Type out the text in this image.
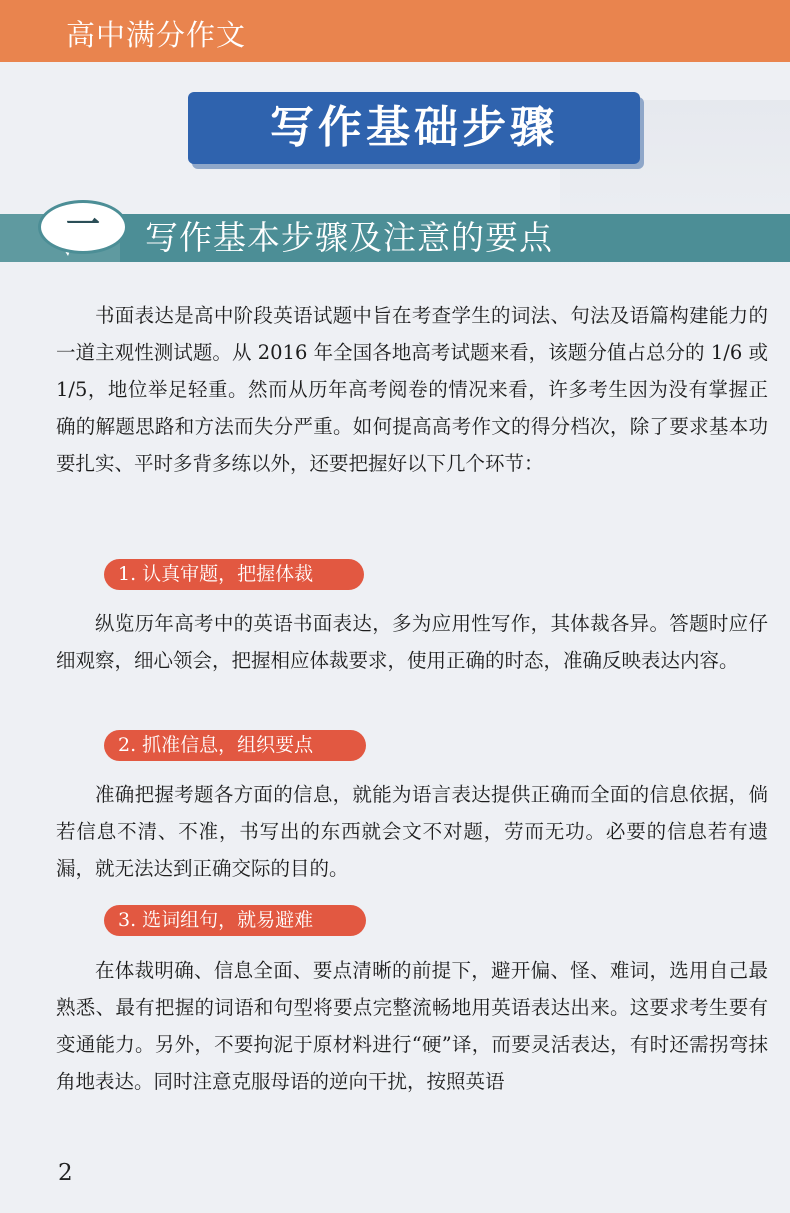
高中满分作文
写作基础步骤
一	写作基本步骤及注意的要点
书面表达是高中阶段英语试题中旨在考查学生的词法、句法及语篇构建能力的一道主观性测试题。从 2016 年全国各地高考试题来看，该题分值占总分的 1/6 或 1/5，地位举足轻重。然而从历年高考阅卷的情况来看，许多考生因为没有掌握正确的解题思路和方法而失分严重。如何提高高考作文的得分档次，除了要求基本功要扎实、平时多背多练以外，还要把握好以下几个环节：
1. 认真审题，把握体裁
纵览历年高考中的英语书面表达，多为应用性写作，其体裁各异。答题时应仔细观察，细心领会，把握相应体裁要求，使用正确的时态，准确反映表达内容。
2. 抓准信息，组织要点
准确把握考题各方面的信息，就能为语言表达提供正确而全面的信息依据，倘若信息不清、不准，书写出的东西就会文不对题，劳而无功。必要的信息若有遗漏，就无法达到正确交际的目的。
3. 选词组句，就易避难
在体裁明确、信息全面、要点清晰的前提下，避开偏、怪、难词，选用自己最熟悉、最有把握的词语和句型将要点完整流畅地用英语表达出来。这要求考生要有变通能力。另外，不要拘泥于原材料进行“硬”译，而要灵活表达，有时还需拐弯抹角地表达。同时注意克服母语的逆向干扰，按照英语
2
